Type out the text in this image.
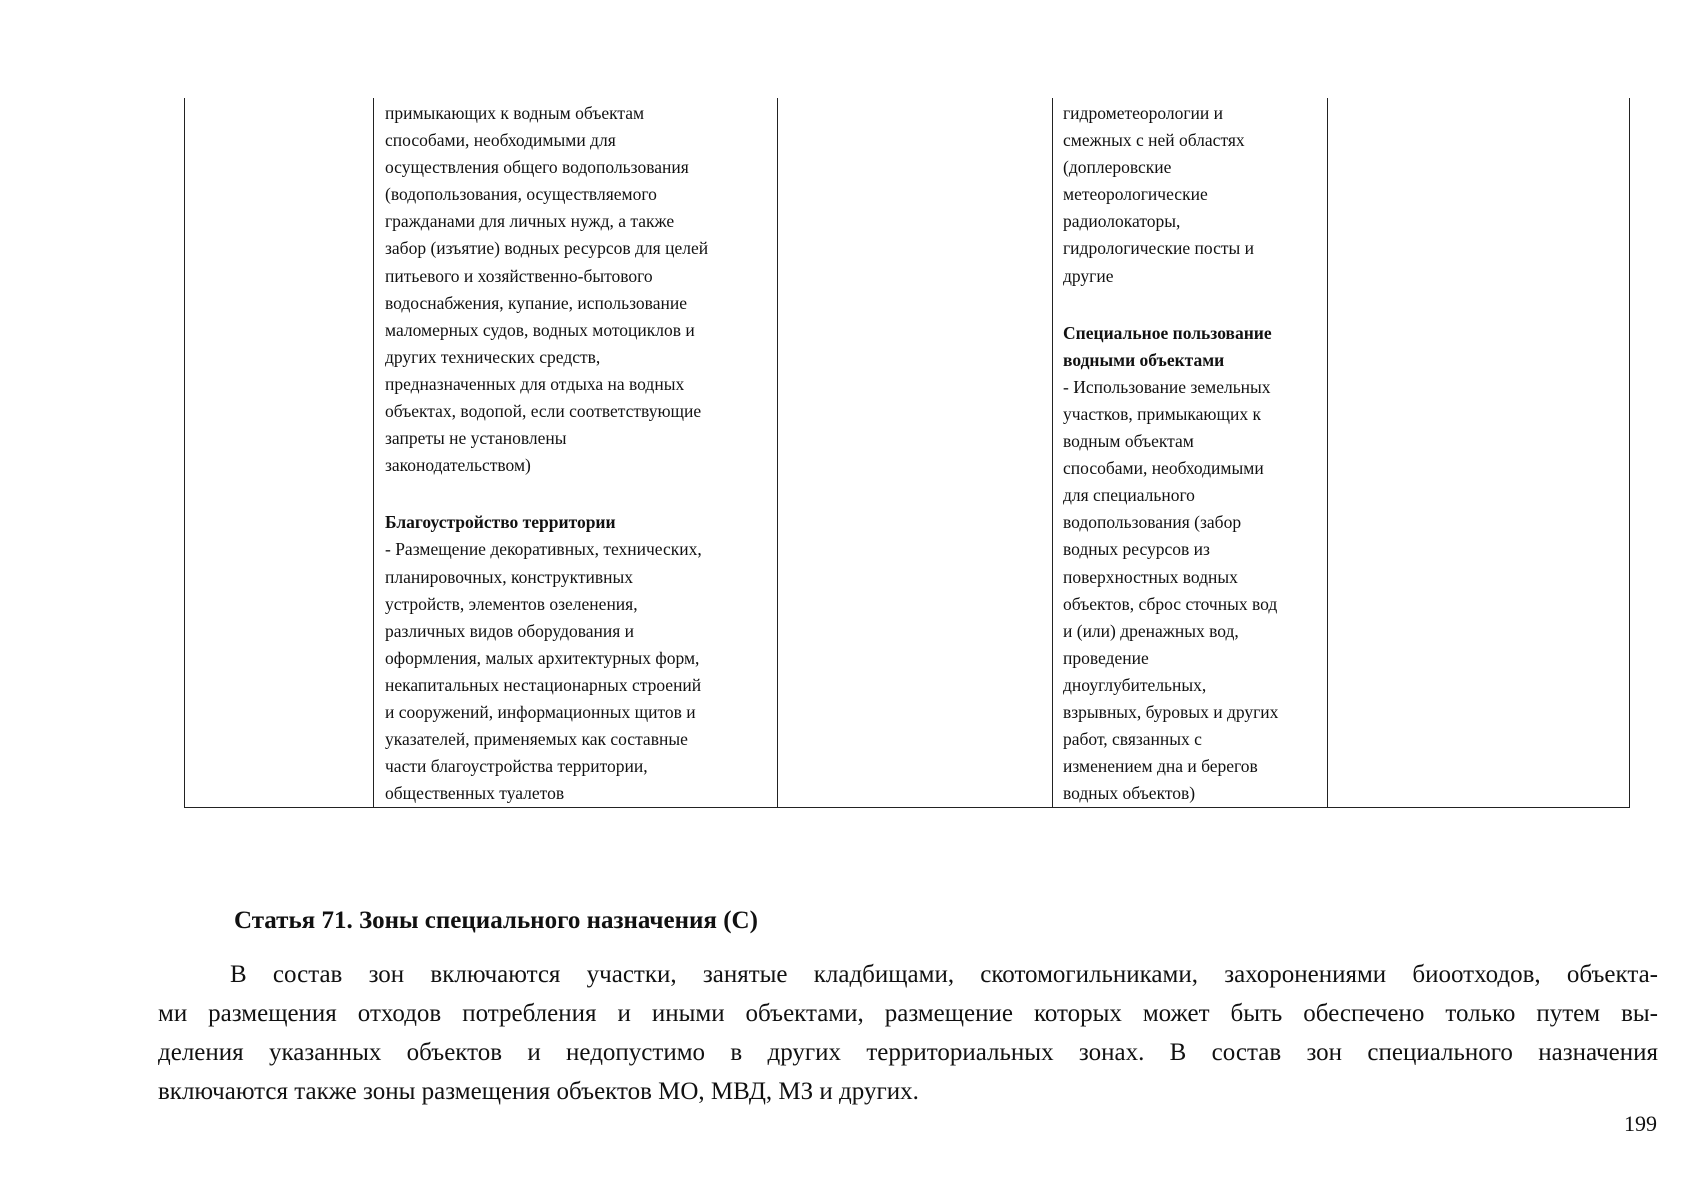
примыкающих к водным объектам
способами, необходимыми для
осуществления общего водопользования
(водопользования, осуществляемого
гражданами для личных нужд, а также
забор (изъятие) водных ресурсов для целей
питьевого и хозяйственно-бытового
водоснабжения, купание, использование
маломерных судов, водных мотоциклов и
других технических средств,
предназначенных для отдыха на водных
объектах, водопой, если соответствующие
запреты не установлены
законодательством)
Благоустройство территории
- Размещение декоративных, технических,
планировочных, конструктивных
устройств, элементов озеленения,
различных видов оборудования и
оформления, малых архитектурных форм,
некапитальных нестационарных строений
и сооружений, информационных щитов и
указателей, применяемых как составные
части благоустройства территории,
общественных туалетов
гидрометеорологии и
смежных с ней областях
(доплеровские
метеорологические
радиолокаторы,
гидрологические посты и
другие
Специальное пользование
водными объектами
- Использование земельных
участков, примыкающих к
водным объектам
способами, необходимыми
для специального
водопользования (забор
водных ресурсов из
поверхностных водных
объектов, сброс сточных вод
и (или) дренажных вод,
проведение
дноуглубительных,
взрывных, буровых и других
работ, связанных с
изменением дна и берегов
водных объектов)
Статья 71. Зоны специального назначения (С)
В состав зон включаются участки, занятые кладбищами, скотомогильниками, захоронениями биоотходов, объекта-
ми размещения отходов потребления и иными объектами, размещение которых может быть обеспечено только путем вы-
деления указанных объектов и недопустимо в других территориальных зонах. В состав зон специального назначения
включаются также зоны размещения объектов МО, МВД, МЗ и других.
199
